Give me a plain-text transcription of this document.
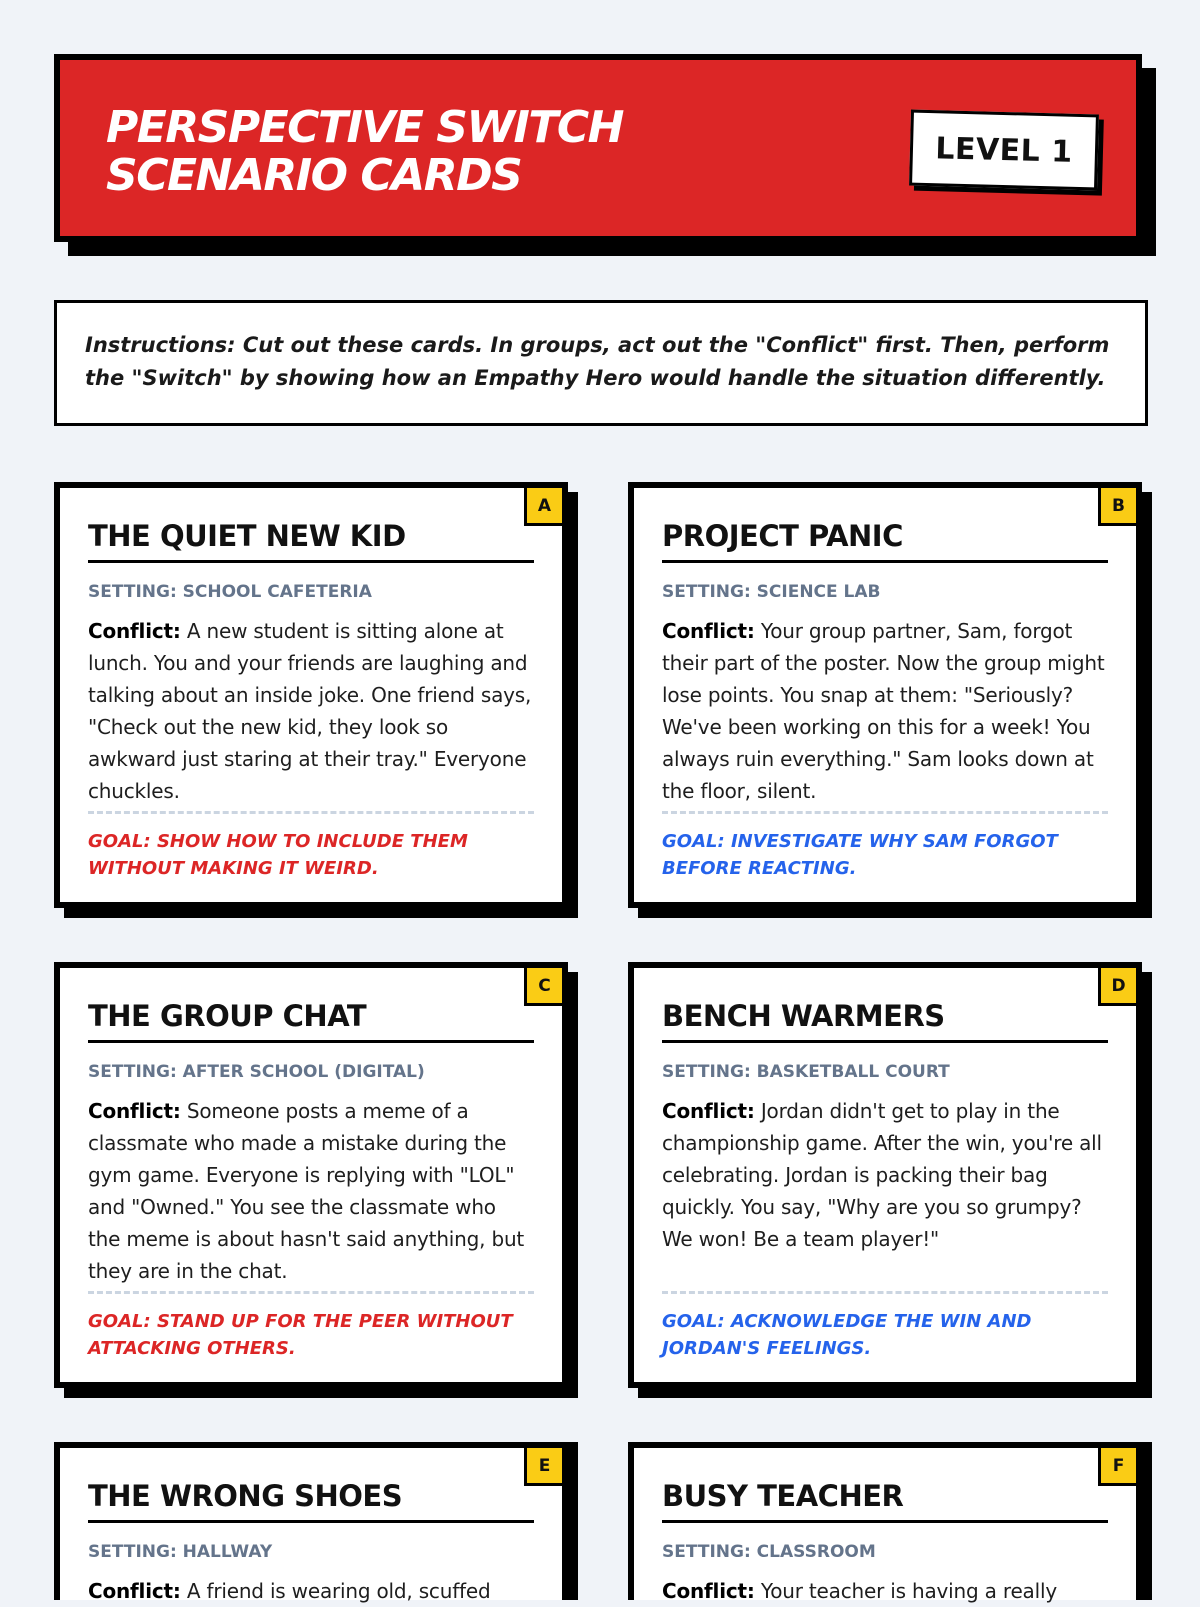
PERSPECTIVE SWITCH SCENARIO CARDS
LEVEL 1

Instructions: Cut out these cards. In groups, act out the "Conflict" first. Then, perform the "Switch" by showing how an Empathy Hero would handle the situation differently.

A
THE QUIET NEW KID
SETTING: SCHOOL CAFETERIA

Conflict: A new student is sitting alone at lunch. You and your friends are laughing and talking about an inside joke. One friend says, "Check out the new kid, they look so awkward just staring at their tray." Everyone chuckles.

GOAL: SHOW HOW TO INCLUDE THEM WITHOUT MAKING IT WEIRD.

B
PROJECT PANIC
SETTING: SCIENCE LAB

Conflict: Your group partner, Sam, forgot their part of the poster. Now the group might lose points. You snap at them: "Seriously? We've been working on this for a week! You always ruin everything." Sam looks down at the floor, silent.

GOAL: INVESTIGATE WHY SAM FORGOT BEFORE REACTING.

C
THE GROUP CHAT
SETTING: AFTER SCHOOL (DIGITAL)

Conflict: Someone posts a meme of a classmate who made a mistake during the gym game. Everyone is replying with "LOL" and "Owned." You see the classmate who the meme is about hasn't said anything, but they are in the chat.

GOAL: STAND UP FOR THE PEER WITHOUT ATTACKING OTHERS.

D
BENCH WARMERS
SETTING: BASKETBALL COURT

Conflict: Jordan didn't get to play in the championship game. After the win, you're all celebrating. Jordan is packing their bag quickly. You say, "Why are you so grumpy? We won! Be a team player!"

GOAL: ACKNOWLEDGE THE WIN AND JORDAN'S FEELINGS.

E
THE WRONG SHOES
SETTING: HALLWAY

Conflict: A friend is wearing old, scuffed

F
BUSY TEACHER
SETTING: CLASSROOM

Conflict: Your teacher is having a really
